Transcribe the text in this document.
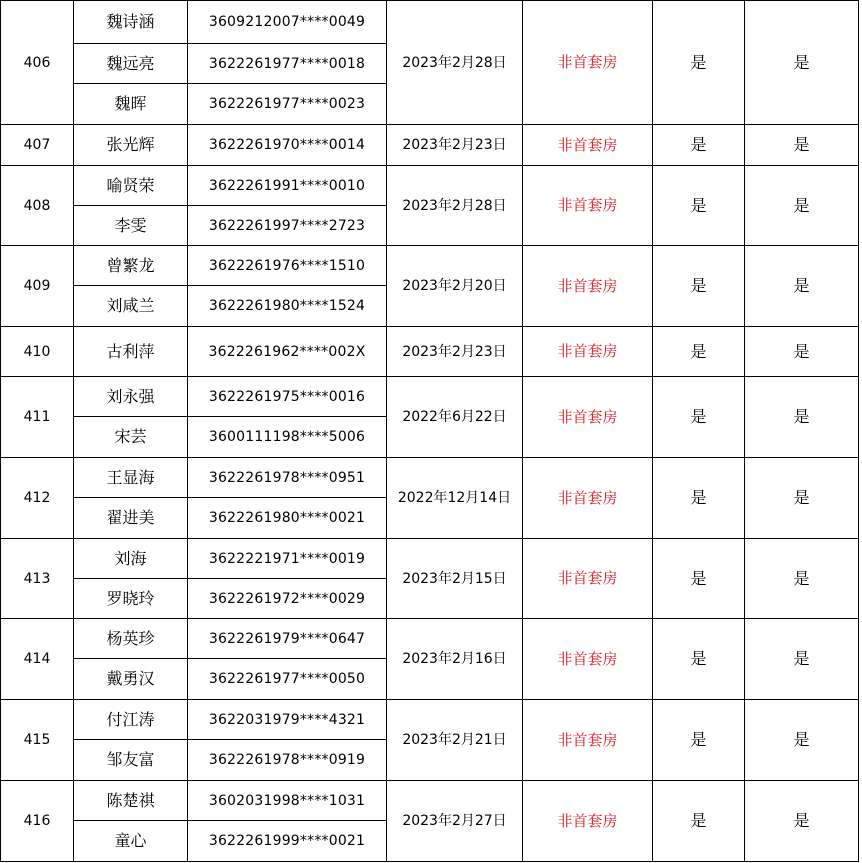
406	魏诗涵	3609212007****0049	2023年2月28日	非首套房	是	是
	魏远亮	3622261977****0018				
	魏晖	3622261977****0023				
407	张光辉	3622261970****0014	2023年2月23日	非首套房	是	是
408	喻贤荣	3622261991****0010	2023年2月28日	非首套房	是	是
	李雯	3622261997****2723				
409	曾繁龙	3622261976****1510	2023年2月20日	非首套房	是	是
	刘咸兰	3622261980****1524				
410	古利萍	3622261962****002X	2023年2月23日	非首套房	是	是
411	刘永强	3622261975****0016	2022年6月22日	非首套房	是	是
	宋芸	3600111198****5006				
412	王显海	3622261978****0951	2022年12月14日	非首套房	是	是
	翟进美	3622261980****0021				
413	刘海	3622221971****0019	2023年2月15日	非首套房	是	是
	罗晓玲	3622261972****0029				
414	杨英珍	3622261979****0647	2023年2月16日	非首套房	是	是
	戴勇汉	3622261977****0050				
415	付江涛	3622031979****4321	2023年2月21日	非首套房	是	是
	邹友富	3622261978****0919				
416	陈楚祺	3602031998****1031	2023年2月27日	非首套房	是	是
	童心	3622261999****0021				
